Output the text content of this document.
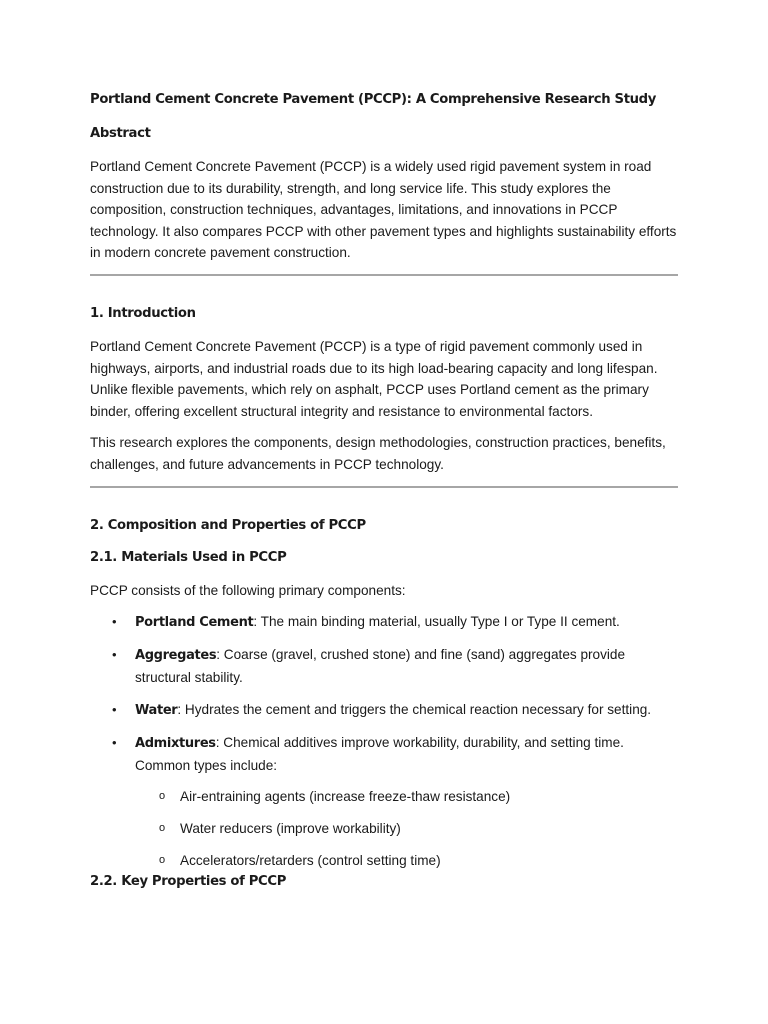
Portland Cement Concrete Pavement (PCCP): A Comprehensive Research Study
Abstract

Portland Cement Concrete Pavement (PCCP) is a widely used rigid pavement system in road construction due to its durability, strength, and long service life. This study explores the composition, construction techniques, advantages, limitations, and innovations in PCCP technology. It also compares PCCP with other pavement types and highlights sustainability efforts in modern concrete pavement construction.

1. Introduction

Portland Cement Concrete Pavement (PCCP) is a type of rigid pavement commonly used in highways, airports, and industrial roads due to its high load-bearing capacity and long lifespan. Unlike flexible pavements, which rely on asphalt, PCCP uses Portland cement as the primary binder, offering excellent structural integrity and resistance to environmental factors.

This research explores the components, design methodologies, construction practices, benefits, challenges, and future advancements in PCCP technology.

2. Composition and Properties of PCCP
2.1. Materials Used in PCCP

PCCP consists of the following primary components:

• Portland Cement: The main binding material, usually Type I or Type II cement.
• Aggregates: Coarse (gravel, crushed stone) and fine (sand) aggregates provide structural stability.
• Water: Hydrates the cement and triggers the chemical reaction necessary for setting.
• Admixtures: Chemical additives improve workability, durability, and setting time. Common types include:
o Air-entraining agents (increase freeze-thaw resistance)
o Water reducers (improve workability)
o Accelerators/retarders (control setting time)
2.2. Key Properties of PCCP
